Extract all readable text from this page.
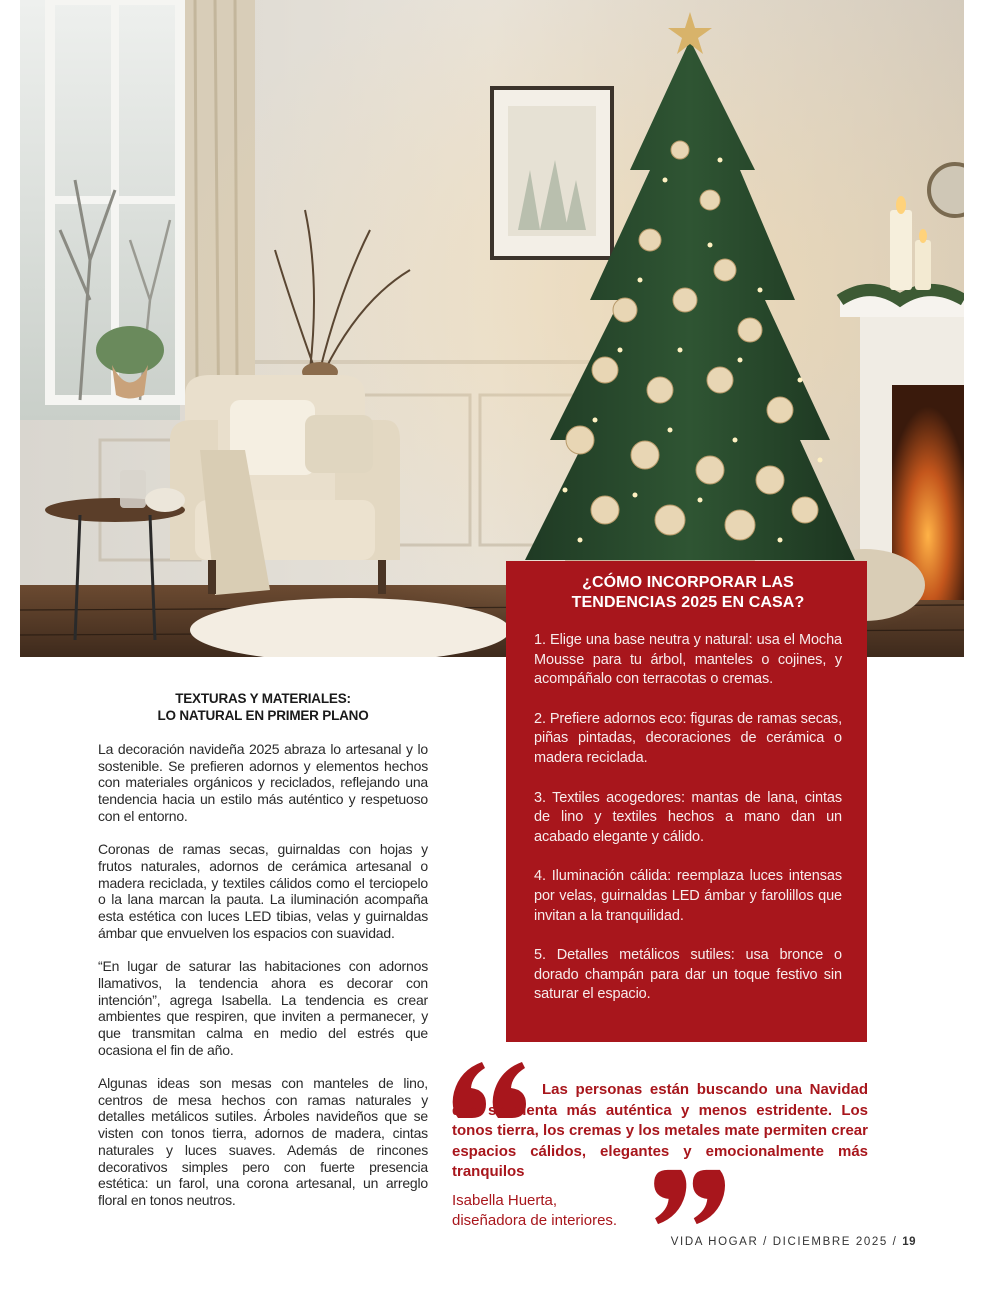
TEXTURAS Y MATERIALES:
LO NATURAL EN PRIMER PLANO

La decoración navideña 2025 abraza lo artesanal y lo sostenible. Se prefieren adornos y elementos hechos con materiales orgánicos y reciclados, reflejando una tendencia hacia un estilo más auténtico y respetuoso con el entorno.

Coronas de ramas secas, guirnaldas con hojas y frutos naturales, adornos de cerámica artesanal o madera reciclada, y textiles cálidos como el terciopelo o la lana marcan la pauta. La iluminación acompaña esta estética con luces LED tibias, velas y guirnaldas ámbar que envuelven los espacios con suavidad.

“En lugar de saturar las habitaciones con adornos llamativos, la tendencia ahora es decorar con intención”, agrega Isabella. La tendencia es crear ambientes que respiren, que inviten a permanecer, y que transmitan calma en medio del estrés que ocasiona el fin de año.

Algunas ideas son mesas con manteles de lino, centros de mesa hechos con ramas naturales y detalles metálicos sutiles. Árboles navideños que se visten con tonos tierra, adornos de madera, cintas naturales y luces suaves. Además de rincones decorativos simples pero con fuerte presencia estética: un farol, una corona artesanal, un arreglo floral en tonos neutros.

¿CÓMO INCORPORAR LAS
TENDENCIAS 2025 EN CASA?

1. Elige una base neutra y natural: usa el Mocha Mousse para tu árbol, manteles o cojines, y acompáñalo con terracotas o cremas.

2. Prefiere adornos eco: figuras de ramas secas, piñas pintadas, decoraciones de cerámica o madera reciclada.

3. Textiles acogedores: mantas de lana, cintas de lino y textiles hechos a mano dan un acabado elegante y cálido.

4. Iluminación cálida: reemplaza luces intensas por velas, guirnaldas LED ámbar y farolillos que invitan a la tranquilidad.

5. Detalles metálicos sutiles: usa bronce o dorado champán para dar un toque festivo sin saturar el espacio.

Las personas están buscando una Navidad que se sienta más auténtica y menos estridente. Los tonos tierra, los cremas y los metales mate permiten crear espacios cálidos, elegantes y emocionalmente más tranquilos

Isabella Huerta,
diseñadora de interiores.
VIDA HOGAR / DICIEMBRE 2025 / 19
